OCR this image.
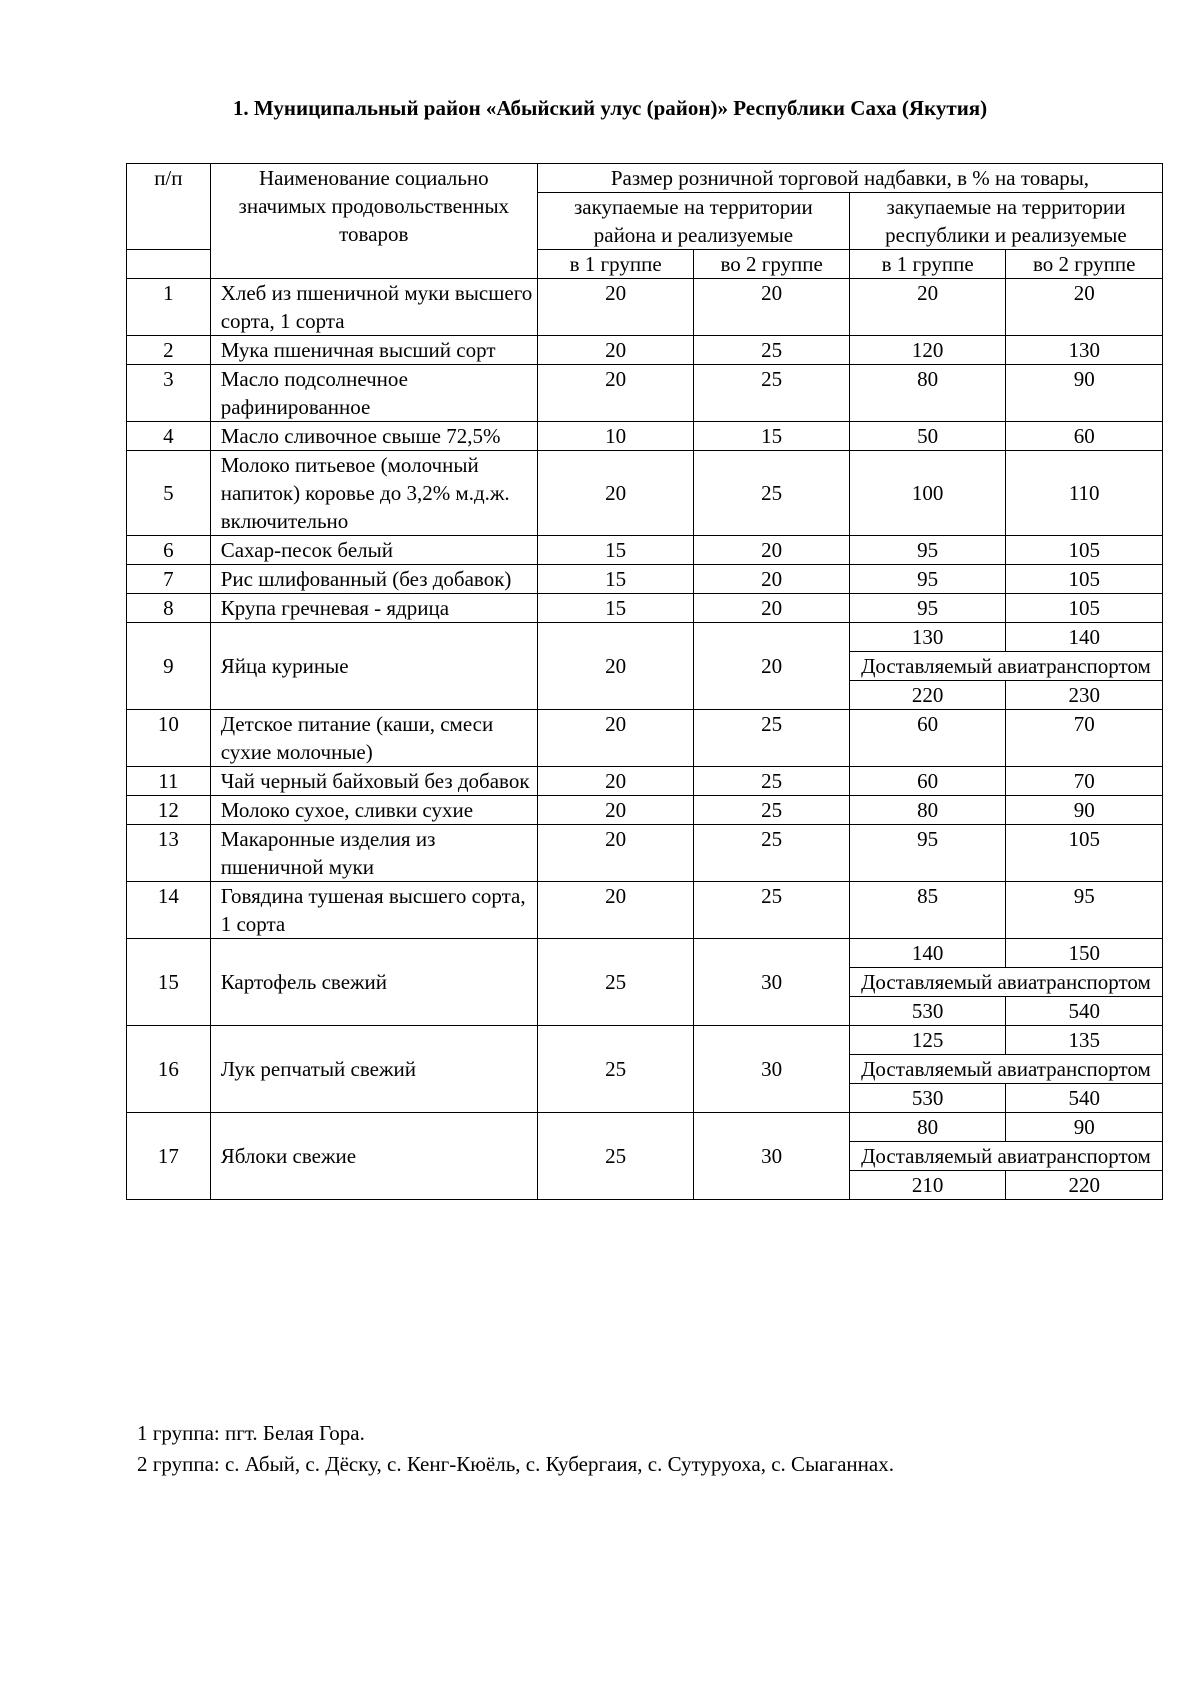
1. Муниципальный район «Абыйский улус (район)» Республики Саха (Якутия)
п/п	Наименование социально значимых продовольственных товаров	Размер розничной торговой надбавки, в % на товары,			
		закупаемые на территории района и реализуемые		закупаемые на территории республики и реализуемые	

		в 1 группе	во 2 группе	в 1 группе	во 2 группе
1	Хлеб из пшеничной муки высшего сорта, 1 сорта	20	20	20	20
2	Мука пшеничная высший сорт	20	25	120	130
3	Масло подсолнечное рафинированное	20	25	80	90
4	Масло сливочное свыше 72,5%	10	15	50	60
5	Молоко питьевое (молочный напиток) коровье до 3,2% м.д.ж. включительно	20	25	100	110
6	Сахар-песок белый	15	20	95	105
7	Рис шлифованный (без добавок)	15	20	95	105
8	Крупа гречневая - ядрица	15	20	95	105
9	Яйца куриные	20	20	130	140
				Доставляемый авиатранспортом	

				220	230
10	Детское питание (каши, смеси сухие молочные)	20	25	60	70
11	Чай черный байховый без добавок	20	25	60	70
12	Молоко сухое, сливки сухие	20	25	80	90
13	Макаронные изделия из пшеничной муки	20	25	95	105
14	Говядина тушеная высшего сорта, 1 сорта	20	25	85	95
15	Картофель свежий	25	30	140	150
				Доставляемый авиатранспортом	

				530	540
16	Лук репчатый свежий	25	30	125	135
				Доставляемый авиатранспортом	

				530	540
17	Яблоки свежие	25	30	80	90
				Доставляемый авиатранспортом	

				210	220
1 группа: пгт. Белая Гора.
2 группа: с. Абый, с. Дёску, с. Кенг-Кюёль, с. Кубергаия, с. Сутуруоха, с. Сыаганнах.
